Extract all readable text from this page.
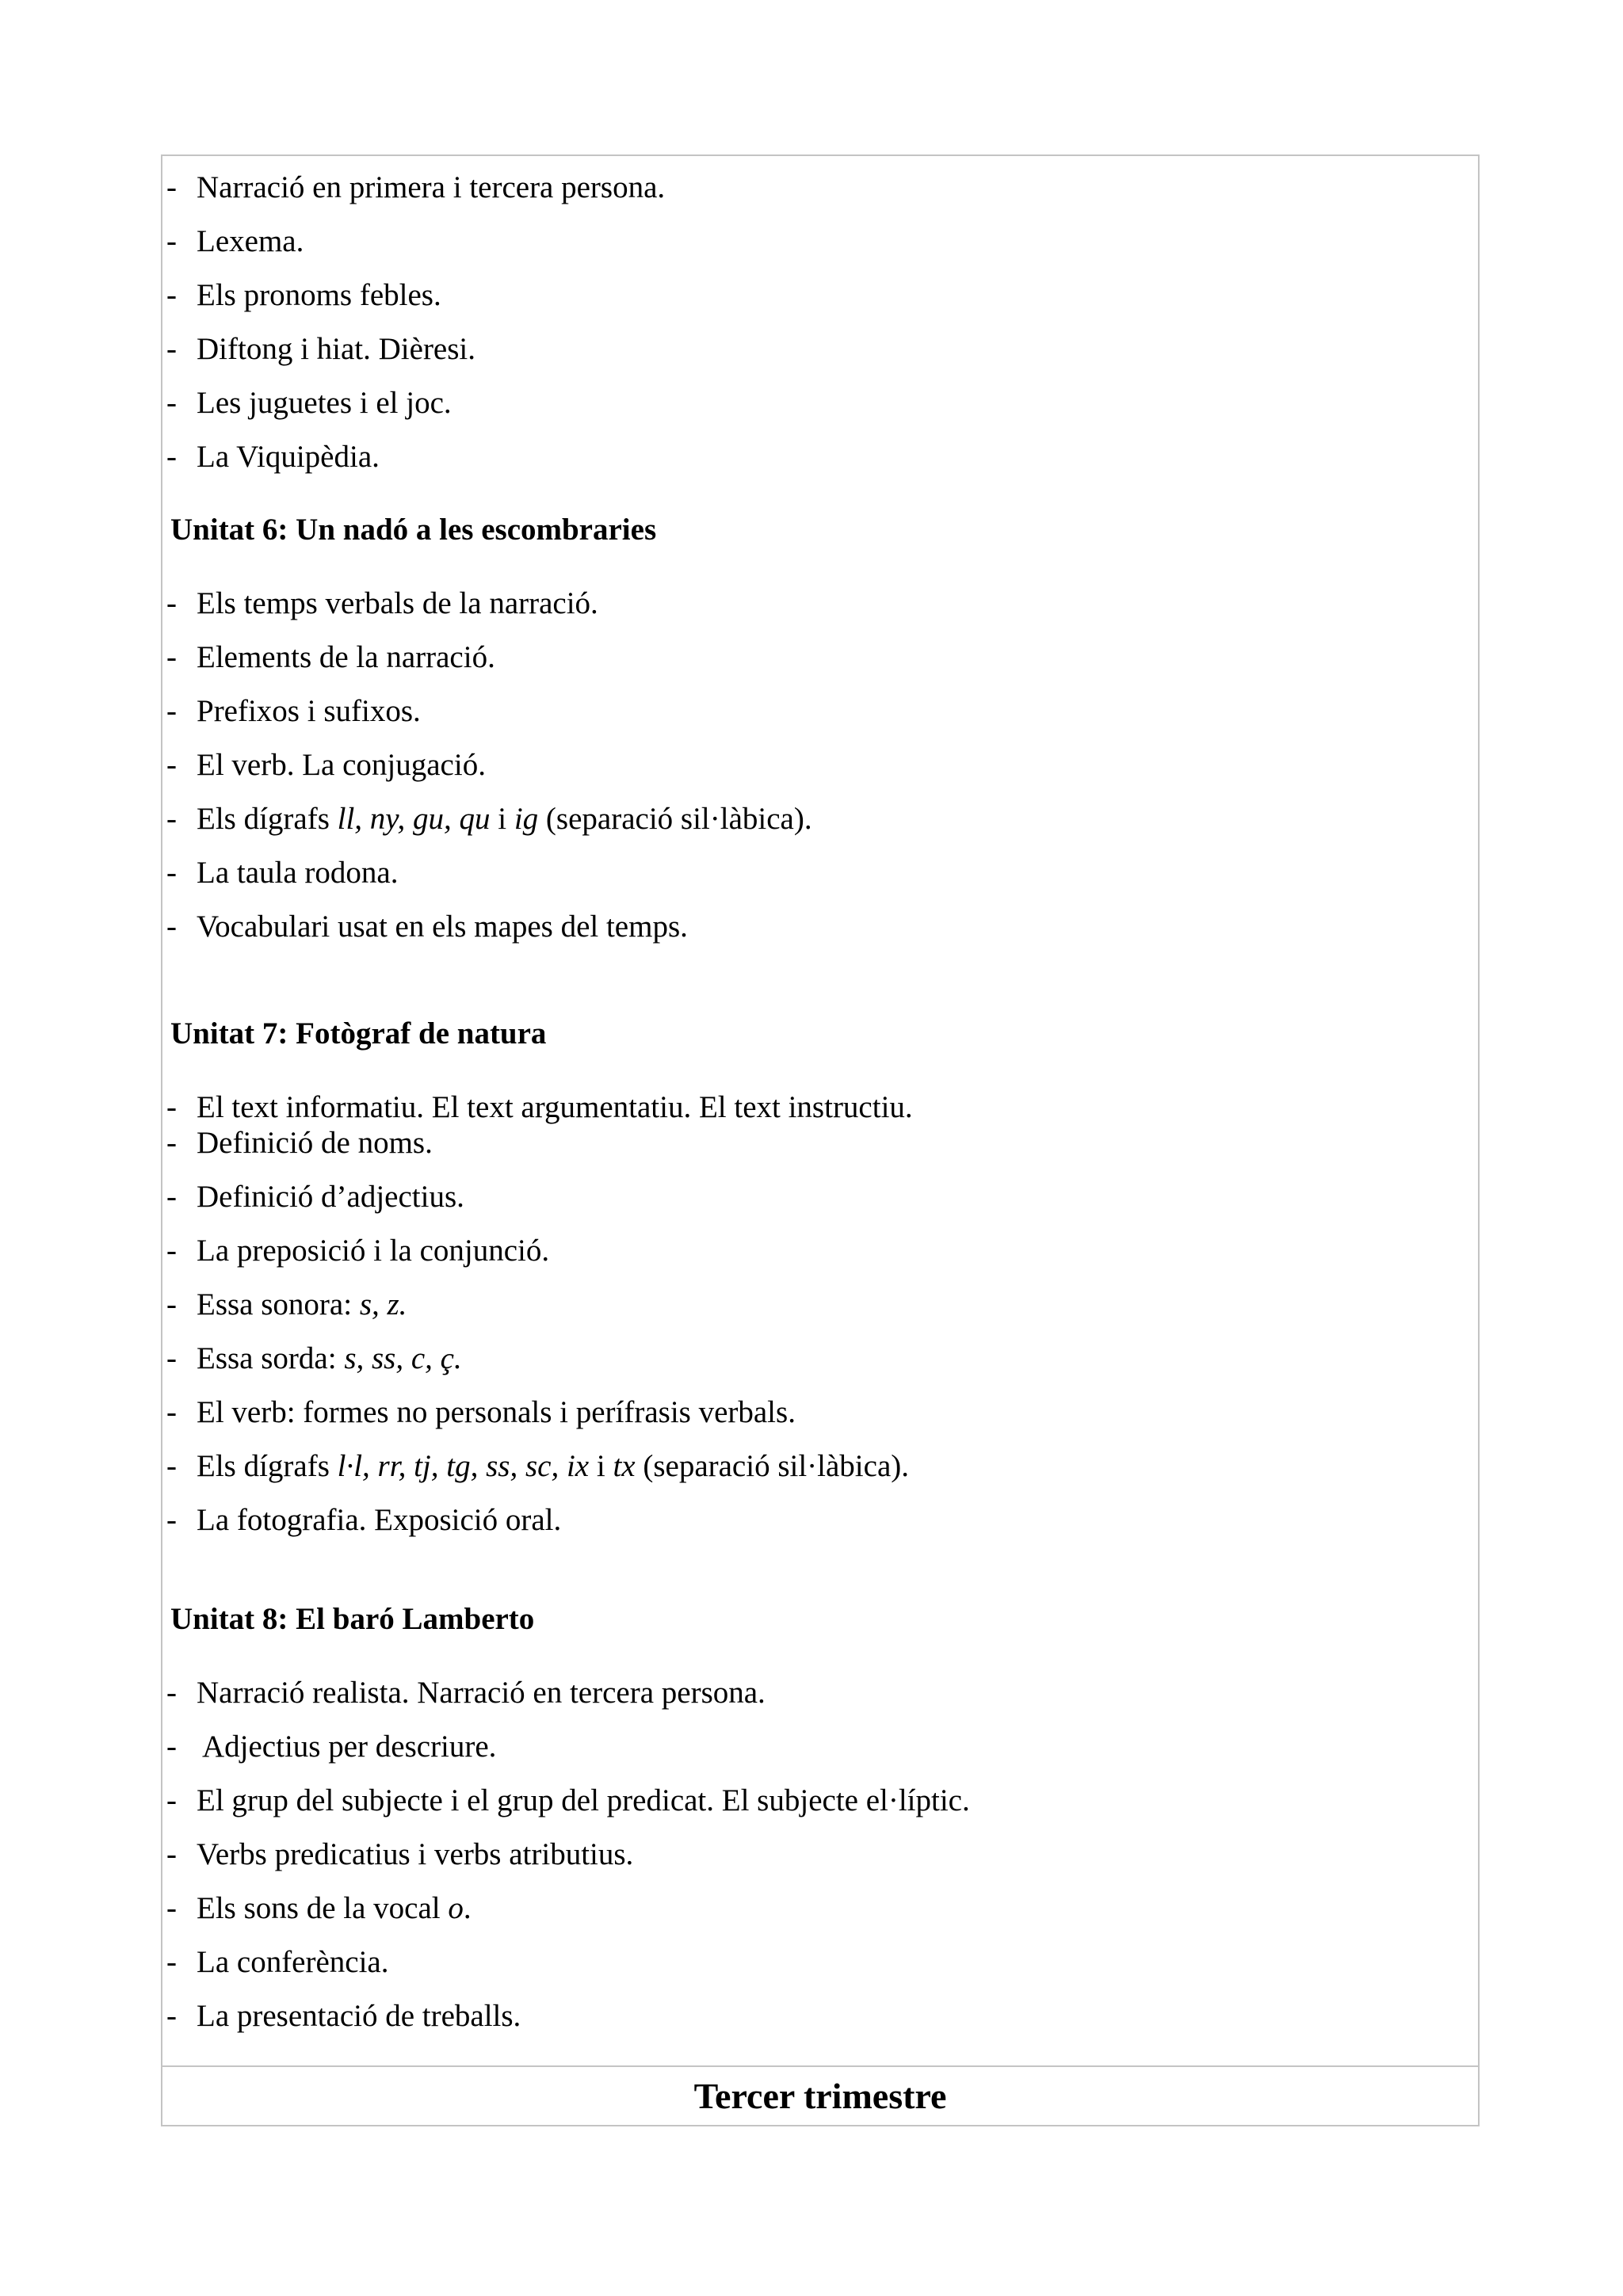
- Narració en primera i tercera persona.
- Lexema.
- Els pronoms febles.
- Diftong i hiat. Dièresi.
- Les juguetes i el joc.
- La Viquipèdia.
Unitat 6: Un nadó a les escombraries
- Els temps verbals de la narració.
- Elements de la narració.
- Prefixos i sufixos.
- El verb. La conjugació.
- Els dígrafs ll, ny, gu, qu i ig (separació sil·làbica).
- La taula rodona.
- Vocabulari usat en els mapes del temps.
Unitat 7: Fotògraf de natura
- El text informatiu. El text argumentatiu. El text instructiu.
- Definició de noms.
- Definició d’adjectius.
- La preposició i la conjunció.
- Essa sonora: s, z.
- Essa sorda: s, ss, c, ç.
- El verb: formes no personals i perífrasis verbals.
- Els dígrafs l·l, rr, tj, tg, ss, sc, ix i tx (separació sil·làbica).
- La fotografia. Exposició oral.
Unitat 8: El baró Lamberto
- Narració realista. Narració en tercera persona.
- Adjectius per descriure.
- El grup del subjecte i el grup del predicat. El subjecte el·líptic.
- Verbs predicatius i verbs atributius.
- Els sons de la vocal o.
- La conferència.
- La presentació de treballs.
Tercer trimestre
